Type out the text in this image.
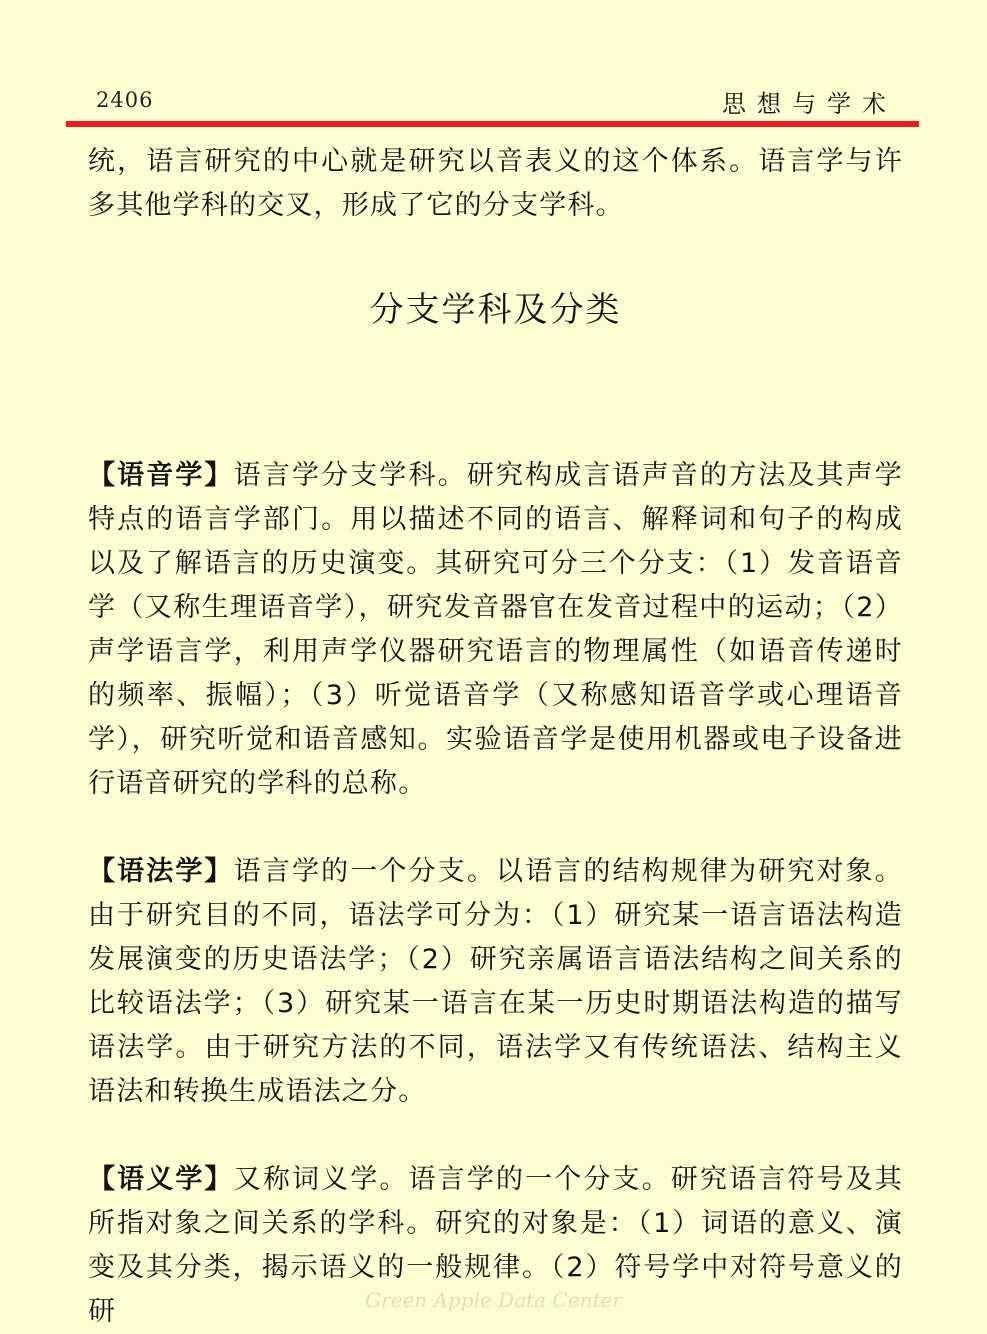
2406	思想与学术

统，语言研究的中心就是研究以音表义的这个体系。语言学与许多其他学科的交叉，形成了它的分支学科。

分支学科及分类

【语音学】语言学分支学科。研究构成言语声音的方法及其声学特点的语言学部门。用以描述不同的语言、解释词和句子的构成以及了解语言的历史演变。其研究可分三个分支：（1）发音语音学（又称生理语音学），研究发音器官在发音过程中的运动；（2）声学语言学，利用声学仪器研究语言的物理属性（如语音传递时的频率、振幅）；（3）听觉语音学（又称感知语音学或心理语音学），研究听觉和语音感知。实验语音学是使用机器或电子设备进行语音研究的学科的总称。

【语法学】语言学的一个分支。以语言的结构规律为研究对象。由于研究目的不同，语法学可分为：（1）研究某一语言语法构造发展演变的历史语法学；（2）研究亲属语言语法结构之间关系的比较语法学；（3）研究某一语言在某一历史时期语法构造的描写语法学。由于研究方法的不同，语法学又有传统语法、结构主义语法和转换生成语法之分。

【语义学】又称词义学。语言学的一个分支。研究语言符号及其所指对象之间关系的学科。研究的对象是：（1）词语的意义、演变及其分类，揭示语义的一般规律。（2）符号学中对符号意义的研	Green Apple Data Center
